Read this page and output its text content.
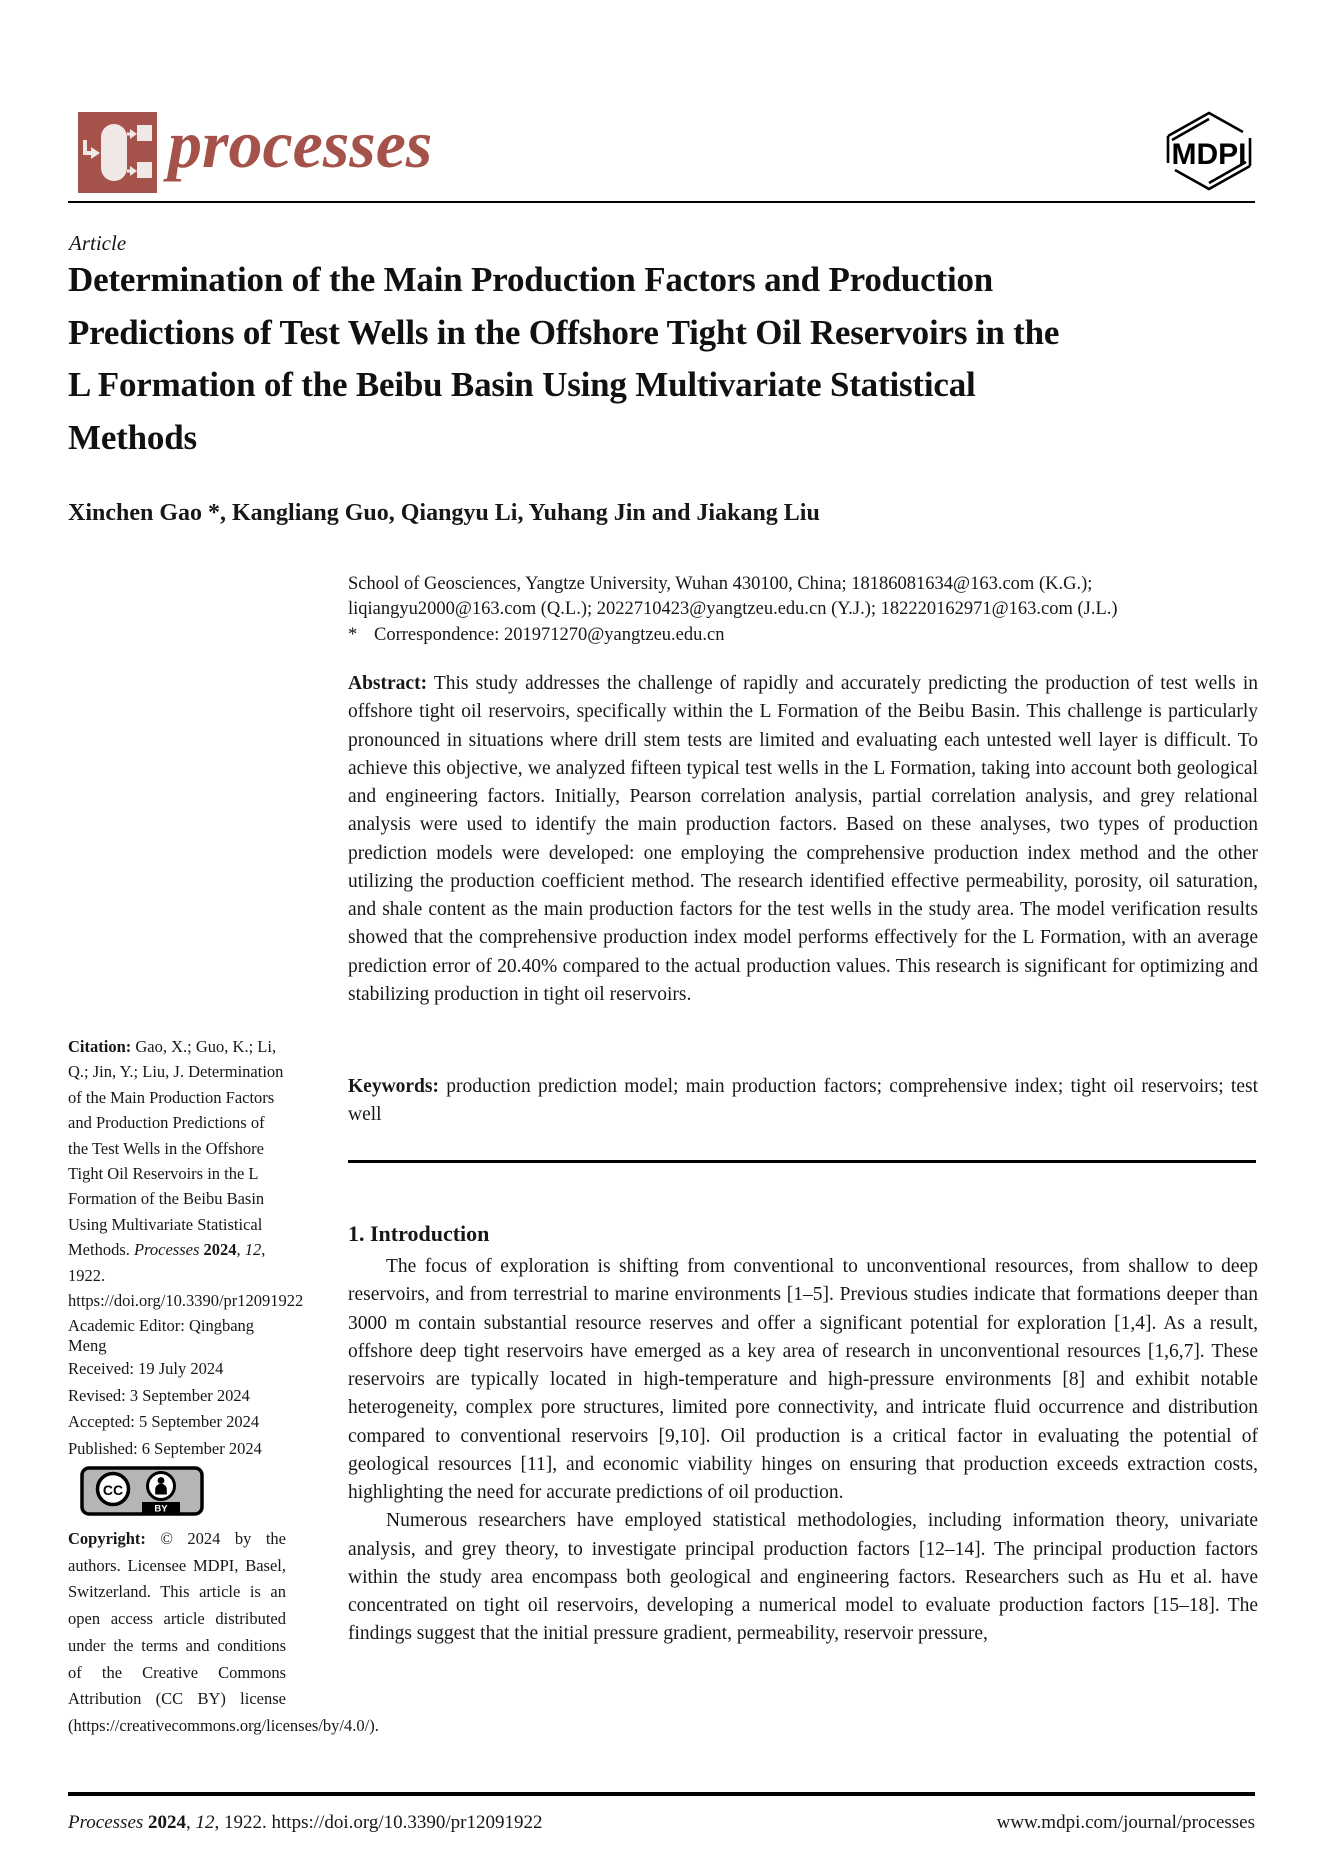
processes	MDPI
Article
Determination of the Main Production Factors and Production Predictions of Test Wells in the Offshore Tight Oil Reservoirs in the L Formation of the Beibu Basin Using Multivariate Statistical Methods
Xinchen Gao *, Kangliang Guo, Qiangyu Li, Yuhang Jin and Jiakang Liu
School of Geosciences, Yangtze University, Wuhan 430100, China; 18186081634@163.com (K.G.); liqiangyu2000@163.com (Q.L.); 2022710423@yangtzeu.edu.cn (Y.J.); 182220162971@163.com (J.L.)
* Correspondence: 201971270@yangtzeu.edu.cn
Abstract: This study addresses the challenge of rapidly and accurately predicting the production of test wells in offshore tight oil reservoirs, specifically within the L Formation of the Beibu Basin. This challenge is particularly pronounced in situations where drill stem tests are limited and evaluating each untested well layer is difficult. To achieve this objective, we analyzed fifteen typical test wells in the L Formation, taking into account both geological and engineering factors. Initially, Pearson correlation analysis, partial correlation analysis, and grey relational analysis were used to identify the main production factors. Based on these analyses, two types of production prediction models were developed: one employing the comprehensive production index method and the other utilizing the production coefficient method. The research identified effective permeability, porosity, oil saturation, and shale content as the main production factors for the test wells in the study area. The model verification results showed that the comprehensive production index model performs effectively for the L Formation, with an average prediction error of 20.40% compared to the actual production values. This research is significant for optimizing and stabilizing production in tight oil reservoirs.
Keywords: production prediction model; main production factors; comprehensive index; tight oil reservoirs; test well
1. Introduction

The focus of exploration is shifting from conventional to unconventional resources, from shallow to deep reservoirs, and from terrestrial to marine environments [1–5]. Previous studies indicate that formations deeper than 3000 m contain substantial resource reserves and offer a significant potential for exploration [1,4]. As a result, offshore deep tight reservoirs have emerged as a key area of research in unconventional resources [1,6,7]. These reservoirs are typically located in high-temperature and high-pressure environments [8] and exhibit notable heterogeneity, complex pore structures, limited pore connectivity, and intricate fluid occurrence and distribution compared to conventional reservoirs [9,10]. Oil production is a critical factor in evaluating the potential of geological resources [11], and economic viability hinges on ensuring that production exceeds extraction costs, highlighting the need for accurate predictions of oil production.

Numerous researchers have employed statistical methodologies, including information theory, univariate analysis, and grey theory, to investigate principal production factors [12–14]. The principal production factors within the study area encompass both geological and engineering factors. Researchers such as Hu et al. have concentrated on tight oil reservoirs, developing a numerical model to evaluate production factors [15–18]. The findings suggest that the initial pressure gradient, permeability, reservoir pressure,

Citation: Gao, X.; Guo, K.; Li, Q.; Jin, Y.; Liu, J. Determination of the Main Production Factors and Production Predictions of the Test Wells in the Offshore Tight Oil Reservoirs in the L Formation of the Beibu Basin Using Multivariate Statistical Methods. Processes 2024, 12, 1922. https://doi.org/10.3390/pr12091922
Academic Editor: Qingbang Meng
Received: 19 July 2024
Revised: 3 September 2024
Accepted: 5 September 2024
Published: 6 September 2024
CC
BY
Copyright: © 2024 by the authors. Licensee MDPI, Basel, Switzerland. This article is an open access article distributed under the terms and conditions of the Creative Commons Attribution (CC BY) license (https://creativecommons.org/licenses/by/4.0/).
Processes 2024, 12, 1922. https://doi.org/10.3390/pr12091922	www.mdpi.com/journal/processes
